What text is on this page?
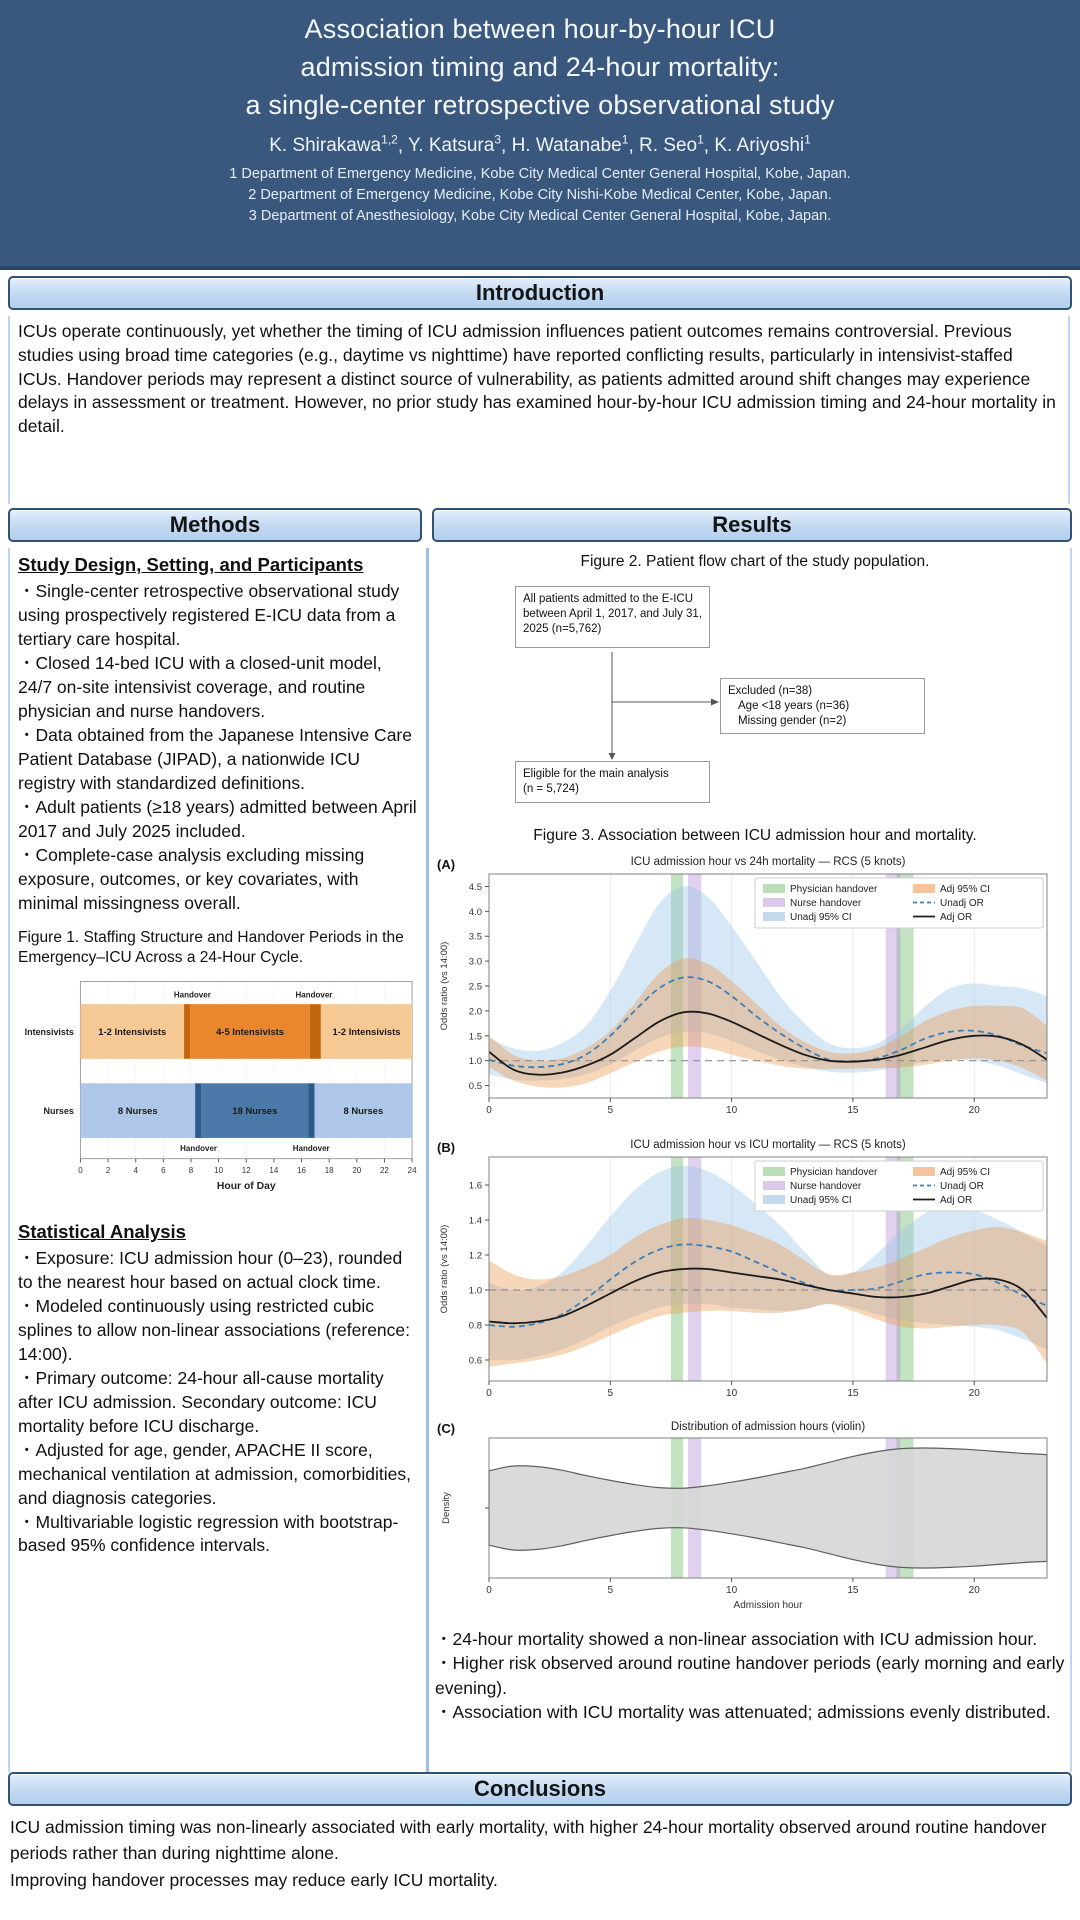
Association between hour-by-hour ICU
admission timing and 24-hour mortality:
a single-center retrospective observational study
K. Shirakawa$^{1,2}$, Y. Katsura$^3$, H. Watanabe$^1$, R. Seo$^1$, K. Ariyoshi$^1$
1 Department of Emergency Medicine, Kobe City Medical Center General Hospital, Kobe, Japan.
2 Department of Emergency Medicine, Kobe City Nishi-Kobe Medical Center, Kobe, Japan.
3 Department of Anesthesiology, Kobe City Medical Center General Hospital, Kobe, Japan.
Introduction
ICUs operate continuously, yet whether the timing of ICU admission influences patient outcomes remains controversial. Previous studies using broad time categories (e.g., daytime vs nighttime) have reported conflicting results, particularly in intensivist-staffed ICUs. Handover periods may represent a distinct source of vulnerability, as patients admitted around shift changes may experience delays in assessment or treatment. However, no prior study has examined hour-by-hour ICU admission timing and 24-hour mortality in detail.
Methods	Results
Study Design, Setting, and Participants
・Single-center retrospective observational study using prospectively registered E-ICU data from a tertiary care hospital.
・Closed 14-bed ICU with a closed-unit model, 24/7 on-site intensivist coverage, and routine physician and nurse handovers.
・Data obtained from the Japanese Intensive Care Patient Database (JIPAD), a nationwide ICU registry with standardized definitions.
・Adult patients (≥18 years) admitted between April 2017 and July 2025 included.
・Complete-case analysis excluding missing exposure, outcomes, or key covariates, with minimal missingness overall.
Figure 1. Staffing Structure and Handover Periods in the Emergency–ICU Across a 24-Hour Cycle.
1-2 Intensivists	4-5 Intensivists	1-2 Intensivists
Handover	Handover
Intensivists
8 Nurses	18 Nurses	8 Nurses
Handover	Handover
Nurses
0	2	4	6	8 10 12 14 16 18 20 22 24
Hour of Day
Statistical Analysis
・Exposure: ICU admission hour (0–23), rounded to the nearest hour based on actual clock time.
・Modeled continuously using restricted cubic splines to allow non-linear associations (reference: 14:00).
・Primary outcome: 24-hour all-cause mortality after ICU admission. Secondary outcome: ICU mortality before ICU discharge.
・Adjusted for age, gender, APACHE II score, mechanical ventilation at admission, comorbidities, and diagnosis categories.
・Multivariable logistic regression with bootstrap-based 95% confidence intervals.
Figure 2. Patient flow chart of the study population.
All patients admitted to the E-ICU between April 1, 2017, and July 31, 2025 (n=5,762)
Excluded (n=38)
Age <18 years (n=36)
Missing gender (n=2)
Eligible for the main analysis
(n = 5,724)
Figure 3. Association between ICU admission hour and mortality.
0.5
1.0
1.5
2.0
2.5
3.0
3.5
4.0
4.5
0	5	10	15	20
Odds ratio (vs 14:00)
ICU admission hour vs 24h mortality — RCS (5 knots)
(A)
Physician handover
Nurse handover
Unadj 95% CI
Adj 95% CI
Unadj OR
Adj OR
0.6
0.8
1.0
1.2
1.4
1.6
0	5	10	15	20
Odds ratio (vs 14:00)
ICU admission hour vs ICU mortality — RCS (5 knots)
(B)
Physician handover
Nurse handover
Unadj 95% CI
Adj 95% CI
Unadj OR
Adj OR
0	5	10	15	20
Admission hour
Density
Distribution of admission hours (violin)
(C)
・24-hour mortality showed a non-linear association with ICU admission hour.
・Higher risk observed around routine handover periods (early morning and early evening).
・Association with ICU mortality was attenuated; admissions evenly distributed.
Conclusions
ICU admission timing was non-linearly associated with early mortality, with higher 24-hour mortality observed around routine handover periods rather than during nighttime alone.
Improving handover processes may reduce early ICU mortality.
